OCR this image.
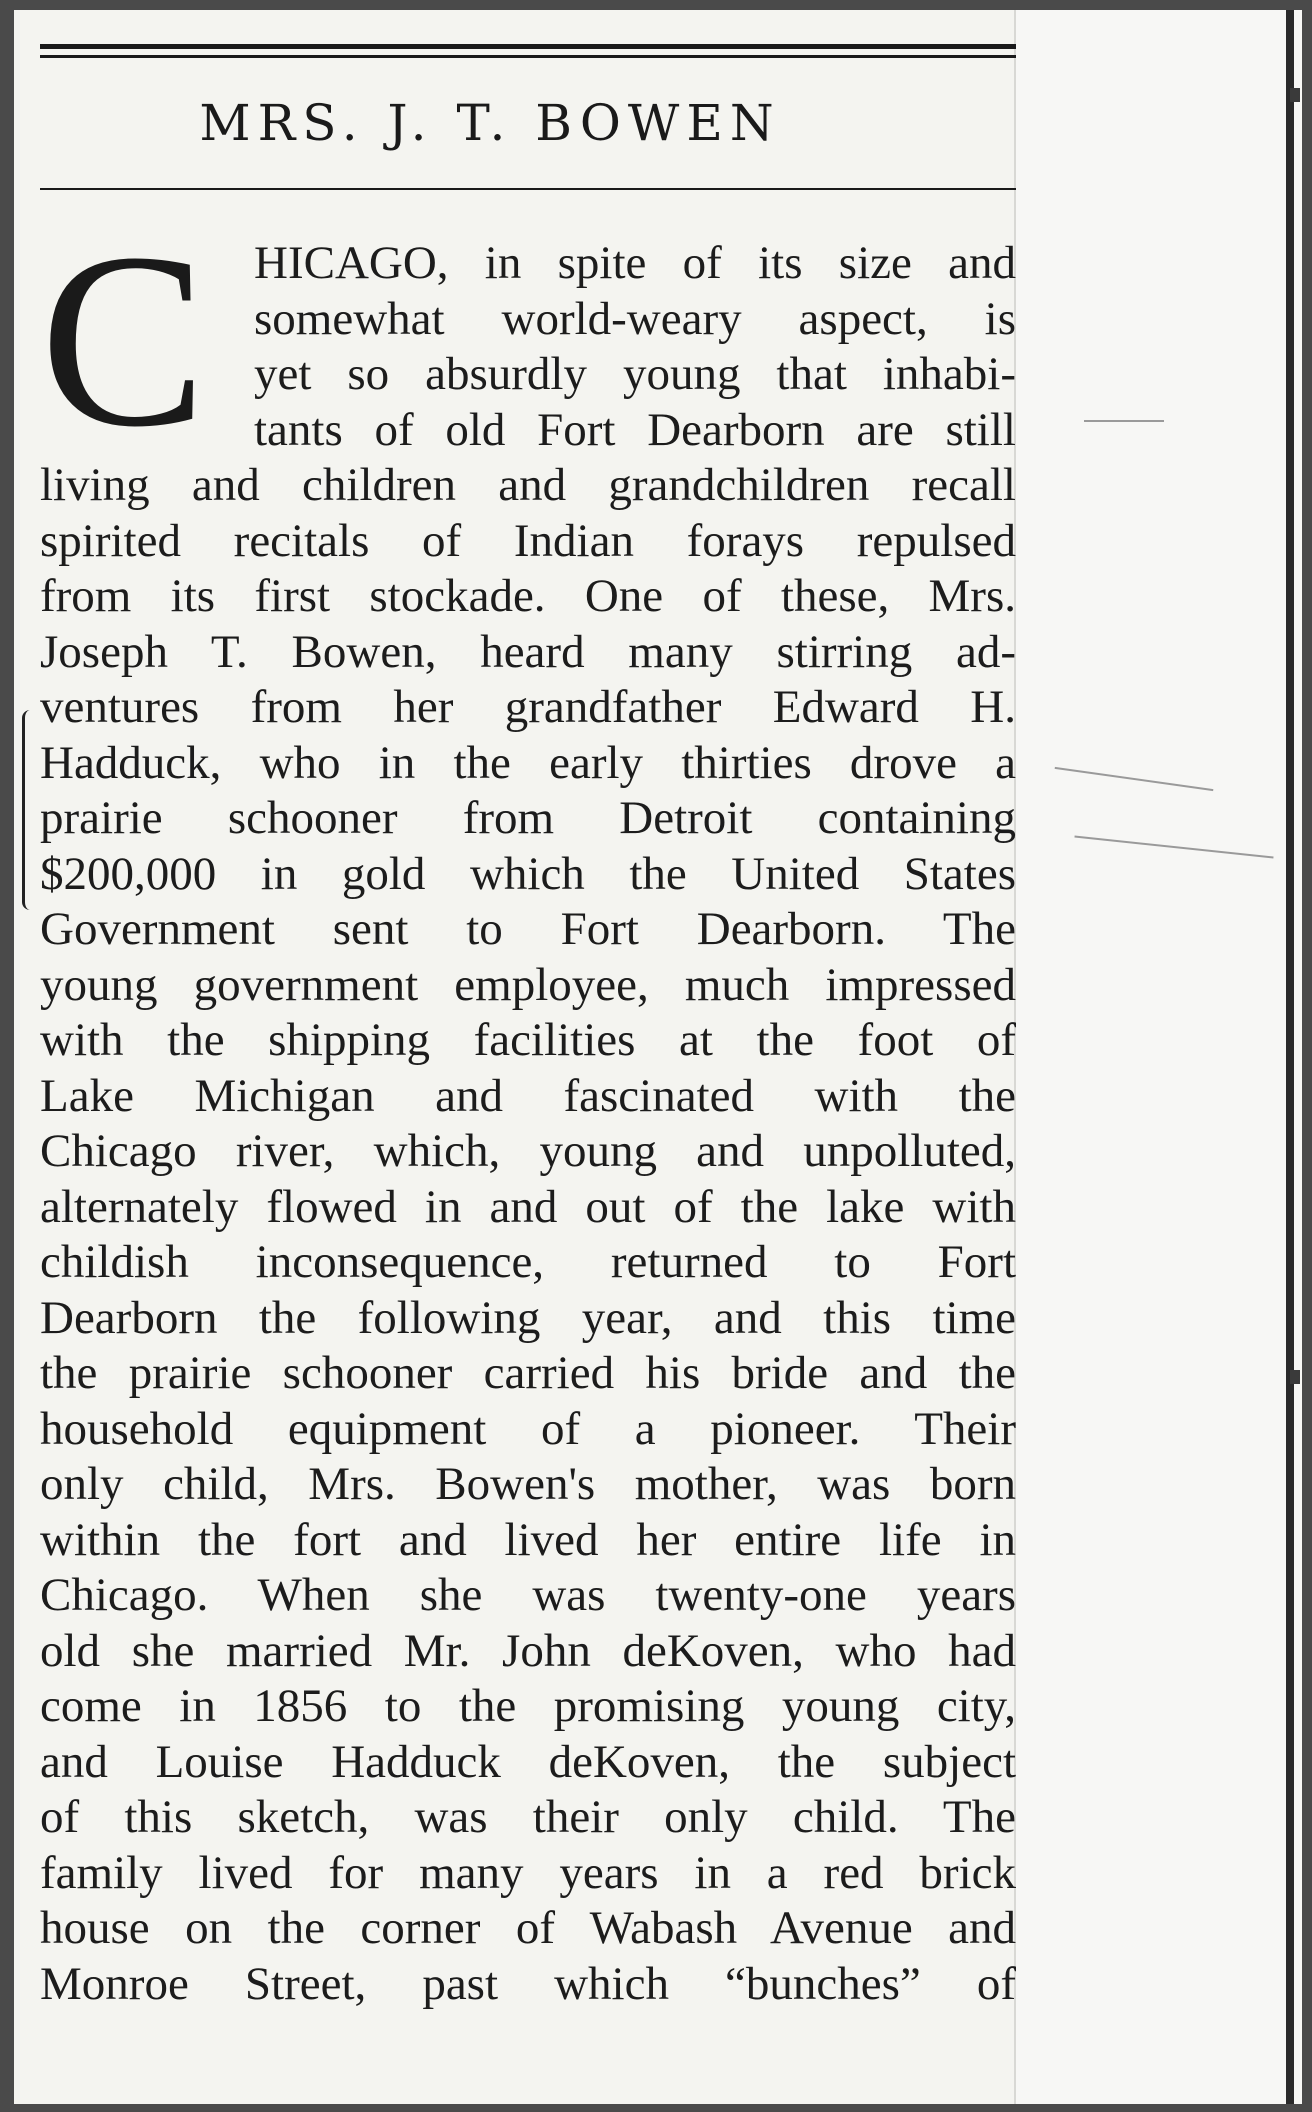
MRS. J. T. BOWEN
C HICAGO, in spite of its size and
somewhat world-weary aspect, is
yet so absurdly young that inhabi-
tants of old Fort Dearborn are still
living and children and grandchildren recall
spirited recitals of Indian forays repulsed
from its first stockade. One of these, Mrs.
Joseph T. Bowen, heard many stirring ad-
ventures from her grandfather Edward H.
Hadduck, who in the early thirties drove a
prairie schooner from Detroit containing
$200,000 in gold which the United States
Government sent to Fort Dearborn. The
young government employee, much impressed
with the shipping facilities at the foot of
Lake Michigan and fascinated with the
Chicago river, which, young and unpolluted,
alternately flowed in and out of the lake with
childish inconsequence, returned to Fort
Dearborn the following year, and this time
the prairie schooner carried his bride and the
household equipment of a pioneer. Their
only child, Mrs. Bowen's mother, was born
within the fort and lived her entire life in
Chicago. When she was twenty-one years
old she married Mr. John deKoven, who had
come in 1856 to the promising young city,
and Louise Hadduck deKoven, the subject
of this sketch, was their only child. The
family lived for many years in a red brick
house on the corner of Wabash Avenue and
Monroe Street, past which “bunches” of
